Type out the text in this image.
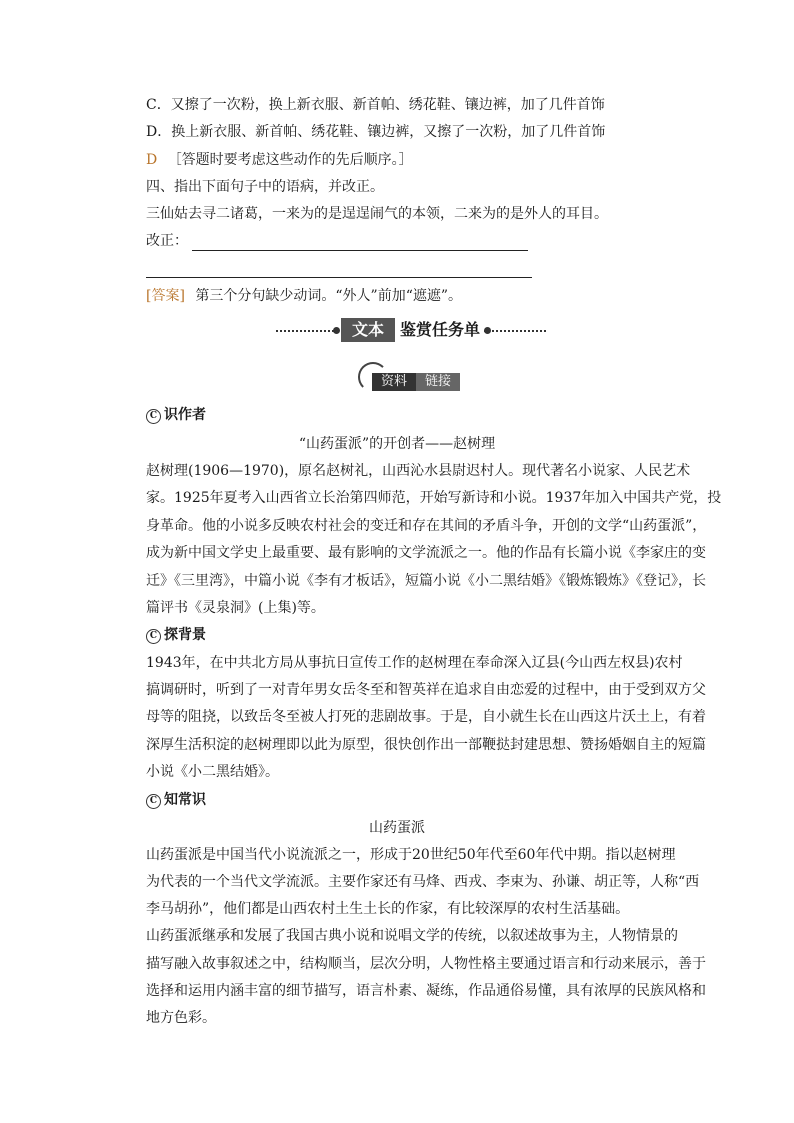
C．又擦了一次粉，换上新衣服、新首帕、绣花鞋、镶边裤，加了几件首饰
D．换上新衣服、新首帕、绣花鞋、镶边裤，又擦了一次粉，加了几件首饰
D ［答题时要考虑这些动作的先后顺序。］
四、指出下面句子中的语病，并改正。
三仙姑去寻二诸葛，一来为的是逞逞闹气的本领，二来为的是外人的耳目。
改正：
[答案] 第三个分句缺少动词。“外人”前加“遮遮”。
文本	鉴赏任务单
资料	链接
C 识作者
“山药蛋派”的开创者——赵树理
赵树理(1906—1970)，原名赵树礼，山西沁水县尉迟村人。现代著名小说家、人民艺术
家。1925年夏考入山西省立长治第四师范，开始写新诗和小说。1937年加入中国共产党，投
身革命。他的小说多反映农村社会的变迁和存在其间的矛盾斗争，开创的文学“山药蛋派”，
成为新中国文学史上最重要、最有影响的文学流派之一。他的作品有长篇小说《李家庄的变
迁》《三里湾》，中篇小说《李有才板话》，短篇小说《小二黑结婚》《锻炼锻炼》《登记》，长
篇评书《灵泉洞》(上集)等。
C 探背景
1943年，在中共北方局从事抗日宣传工作的赵树理在奉命深入辽县(今山西左权县)农村
搞调研时，听到了一对青年男女岳冬至和智英祥在追求自由恋爱的过程中，由于受到双方父
母等的阻挠，以致岳冬至被人打死的悲剧故事。于是，自小就生长在山西这片沃土上，有着
深厚生活积淀的赵树理即以此为原型，很快创作出一部鞭挞封建思想、赞扬婚姻自主的短篇
小说《小二黑结婚》。
C 知常识
山药蛋派
山药蛋派是中国当代小说流派之一，形成于20世纪50年代至60年代中期。指以赵树理
为代表的一个当代文学流派。主要作家还有马烽、西戎、李束为、孙谦、胡正等，人称“西
李马胡孙”，他们都是山西农村土生土长的作家，有比较深厚的农村生活基础。
山药蛋派继承和发展了我国古典小说和说唱文学的传统，以叙述故事为主，人物情景的
描写融入故事叙述之中，结构顺当，层次分明，人物性格主要通过语言和行动来展示，善于
选择和运用内涵丰富的细节描写，语言朴素、凝练，作品通俗易懂，具有浓厚的民族风格和
地方色彩。
